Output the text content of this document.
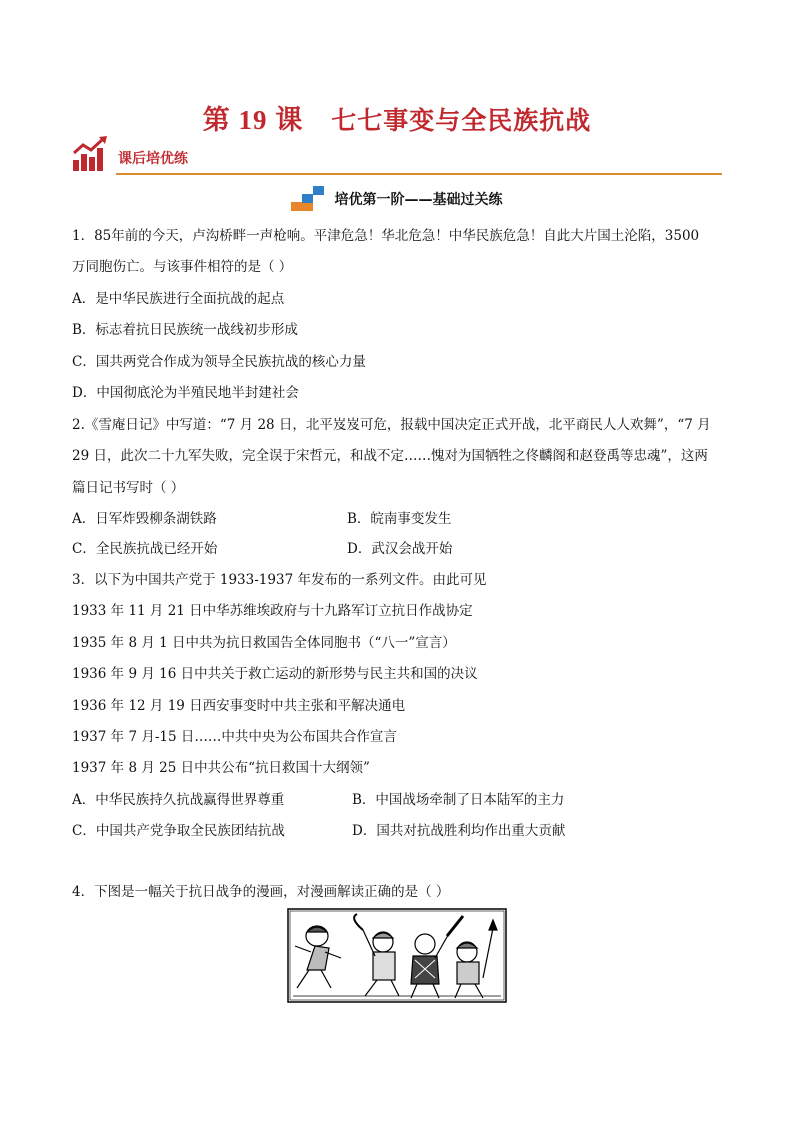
第 19 课 七七事变与全民族抗战
课后培优练
培优第一阶——基础过关练
1．85年前的今天，卢沟桥畔一声枪响。平津危急！华北危急！中华民族危急！自此大片国土沦陷，3500
万同胞伤亡。与该事件相符的是（ ）
A．是中华民族进行全面抗战的起点
B．标志着抗日民族统一战线初步形成
C．国共两党合作成为领导全民族抗战的核心力量
D．中国彻底沦为半殖民地半封建社会
2.《雪庵日记》中写道：“7 月 28 日，北平岌岌可危，报载中国决定正式开战，北平商民人人欢舞”，“7 月
29 日，此次二十九军失败，完全误于宋哲元，和战不定……愧对为国牺牲之佟麟阁和赵登禹等忠魂”，这两
篇日记书写时（ ）
A．日军炸毁柳条湖铁路	B．皖南事变发生
C．全民族抗战已经开始	D．武汉会战开始
3．以下为中国共产党于 1933-1937 年发布的一系列文件。由此可见
1933 年 11 月 21 日中华苏维埃政府与十九路军订立抗日作战协定
1935 年 8 月 1 日中共为抗日救国告全体同胞书（“八一”宣言）
1936 年 9 月 16 日中共关于救亡运动的新形势与民主共和国的决议
1936 年 12 月 19 日西安事变时中共主张和平解决通电
1937 年 7 月-15 日……中共中央为公布国共合作宣言
1937 年 8 月 25 日中共公布“抗日救国十大纲领”
A．中华民族持久抗战赢得世界尊重	B．中国战场牵制了日本陆军的主力
C．中国共产党争取全民族团结抗战	D．国共对抗战胜利均作出重大贡献
4．下图是一幅关于抗日战争的漫画，对漫画解读正确的是（ ）
